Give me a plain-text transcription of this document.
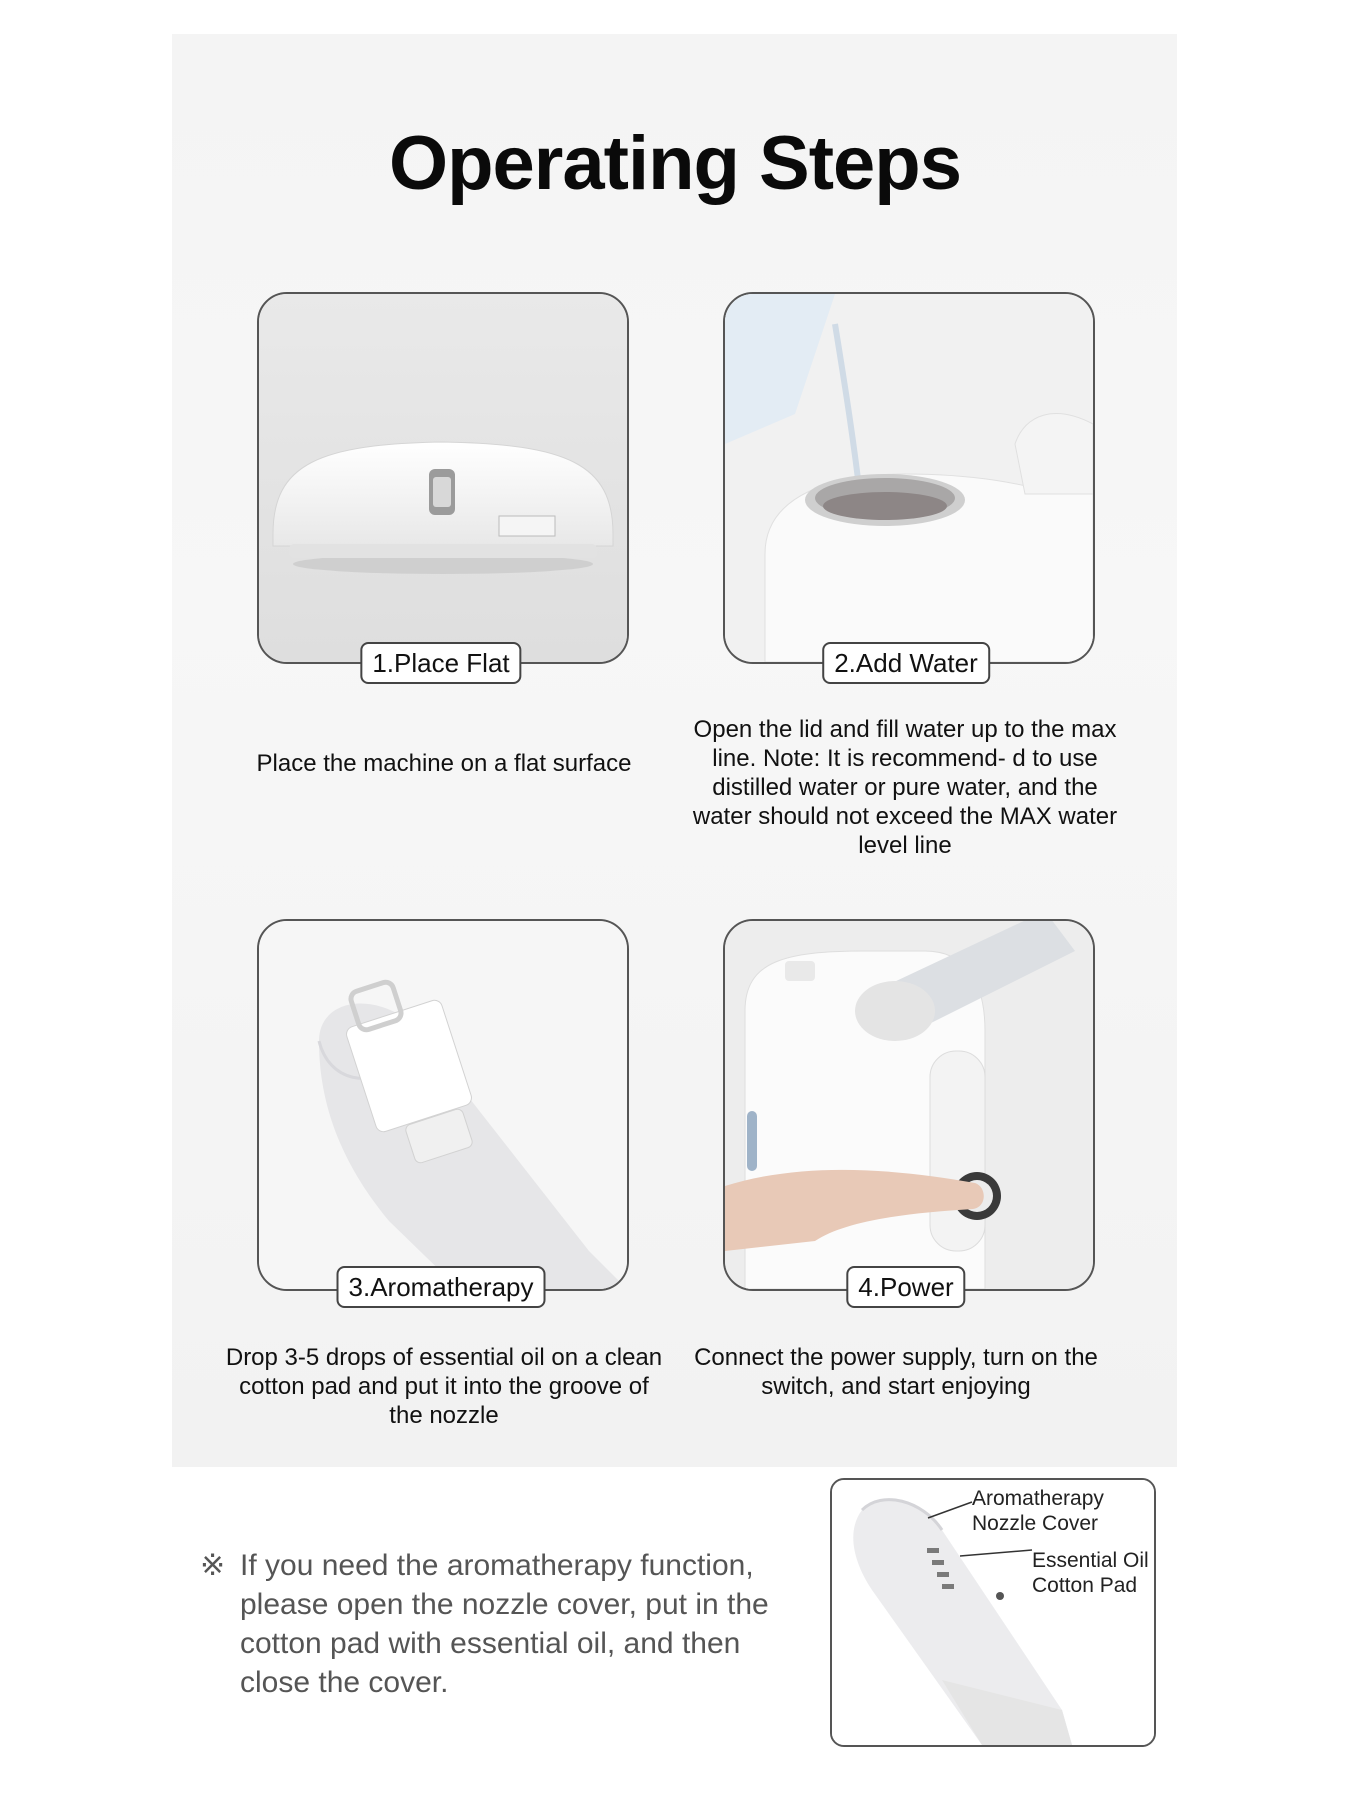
Operating Steps
1.Place Flat
Place the machine on a flat surface
2.Add Water
Open the lid and fill water up to the max line. Note: It is recommend- d to use distilled water or pure water, and the water should not exceed the MAX water level line
3.Aromatherapy
Drop 3-5 drops of essential oil on a clean cotton pad and put it into the groove of the nozzle
4.Power
Connect the power supply, turn on the switch, and start enjoying
※ If you need the aromatherapy function, please open the nozzle cover, put in the cotton pad with essential oil, and then close the cover.
Aromatherapy
Nozzle Cover
Essential Oil
Cotton Pad
